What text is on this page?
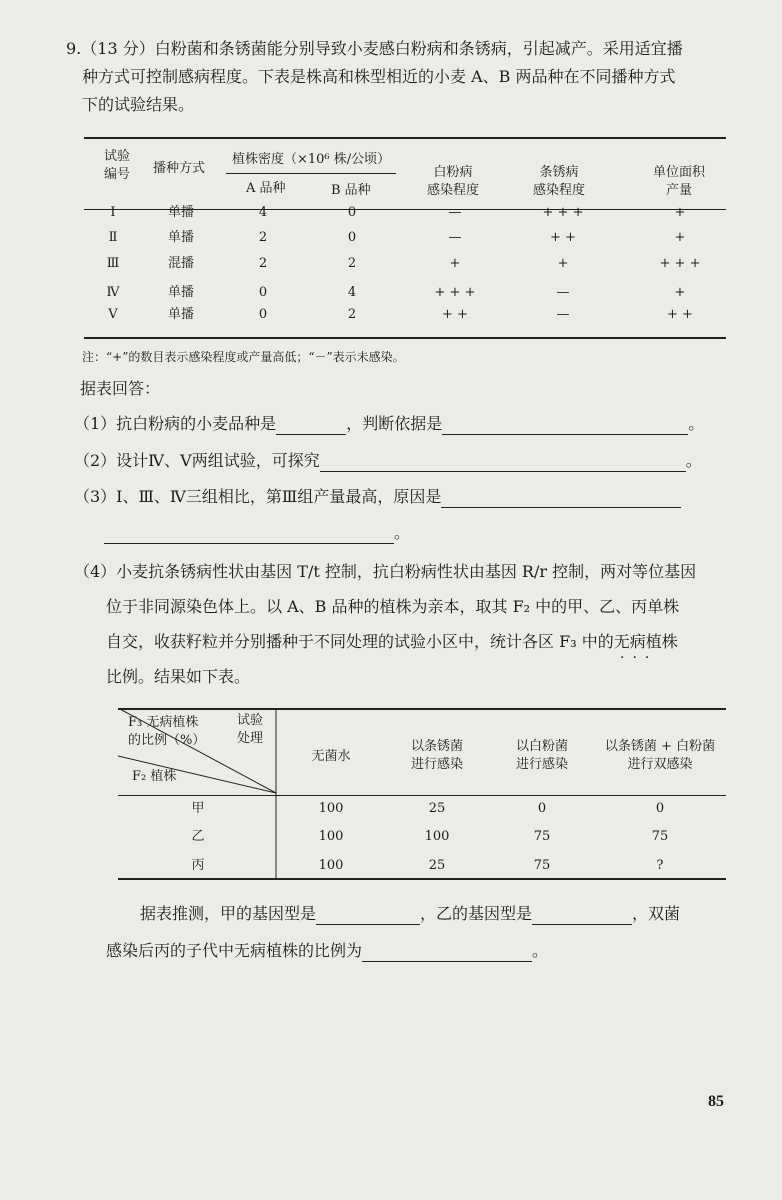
9.（13 分）白粉菌和条锈菌能分别导致小麦感白粉病和条锈病，引起减产。采用适宜播
种方式可控制感病程度。下表是株高和株型相近的小麦 A、B 两品种在不同播种方式
下的试验结果。
试验
编号	播种方式
植株密度（×10⁶ 株/公顷）
A 品种	B 品种
白粉病
感染程度
条锈病
感染程度
单位面积
产量
Ⅰ	单播	4	0	—	+ + +	+
Ⅱ	单播	2	0	—	+ +	+
Ⅲ	混播	2	2	+	+	+ + +
Ⅳ	单播	0	4	+ + +	—	+
Ⅴ	单播	0	2	+ +	—	+ +
注：“+”的数目表示感染程度或产量高低；“－”表示未感染。
据表回答：
（1）抗白粉病的小麦品种是	，判断依据是	。
（2）设计Ⅳ、Ⅴ两组试验，可探究	。
（3）Ⅰ、Ⅲ、Ⅳ三组相比，第Ⅲ组产量最高，原因是
。
（4）小麦抗条锈病性状由基因 T/t 控制，抗白粉病性状由基因 R/r 控制，两对等位基因
位于非同源染色体上。以 A、B 品种的植株为亲本，取其 F₂ 中的甲、乙、丙单株
自交，收获籽粒并分别播种于不同处理的试验小区中，统计各区 F₃ 中的无病植株
···
比例。结果如下表。
F₃ 无病植株
的比例（%）
试验
处理
F₂ 植株
无菌水
以条锈菌
进行感染
以白粉菌
进行感染
以条锈菌 + 白粉菌
进行双感染
甲	100	25	0	0
乙	100	100	75	75
丙	100	25	75	?
据表推测，甲的基因型是	，乙的基因型是	，双菌
感染后丙的子代中无病植株的比例为	。
85
